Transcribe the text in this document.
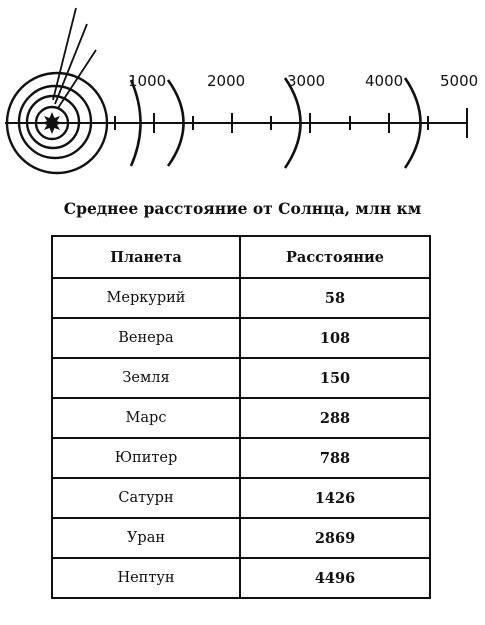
1000	2000	3000	4000 5000
Среднее расстояние от Солнца, млн км
Планета	Расстояние
Меркурий	58
Венера	108
Земля	150
Марс	288
Юпитер	788
Сатурн	1426
Уран	2869
Нептун	4496
